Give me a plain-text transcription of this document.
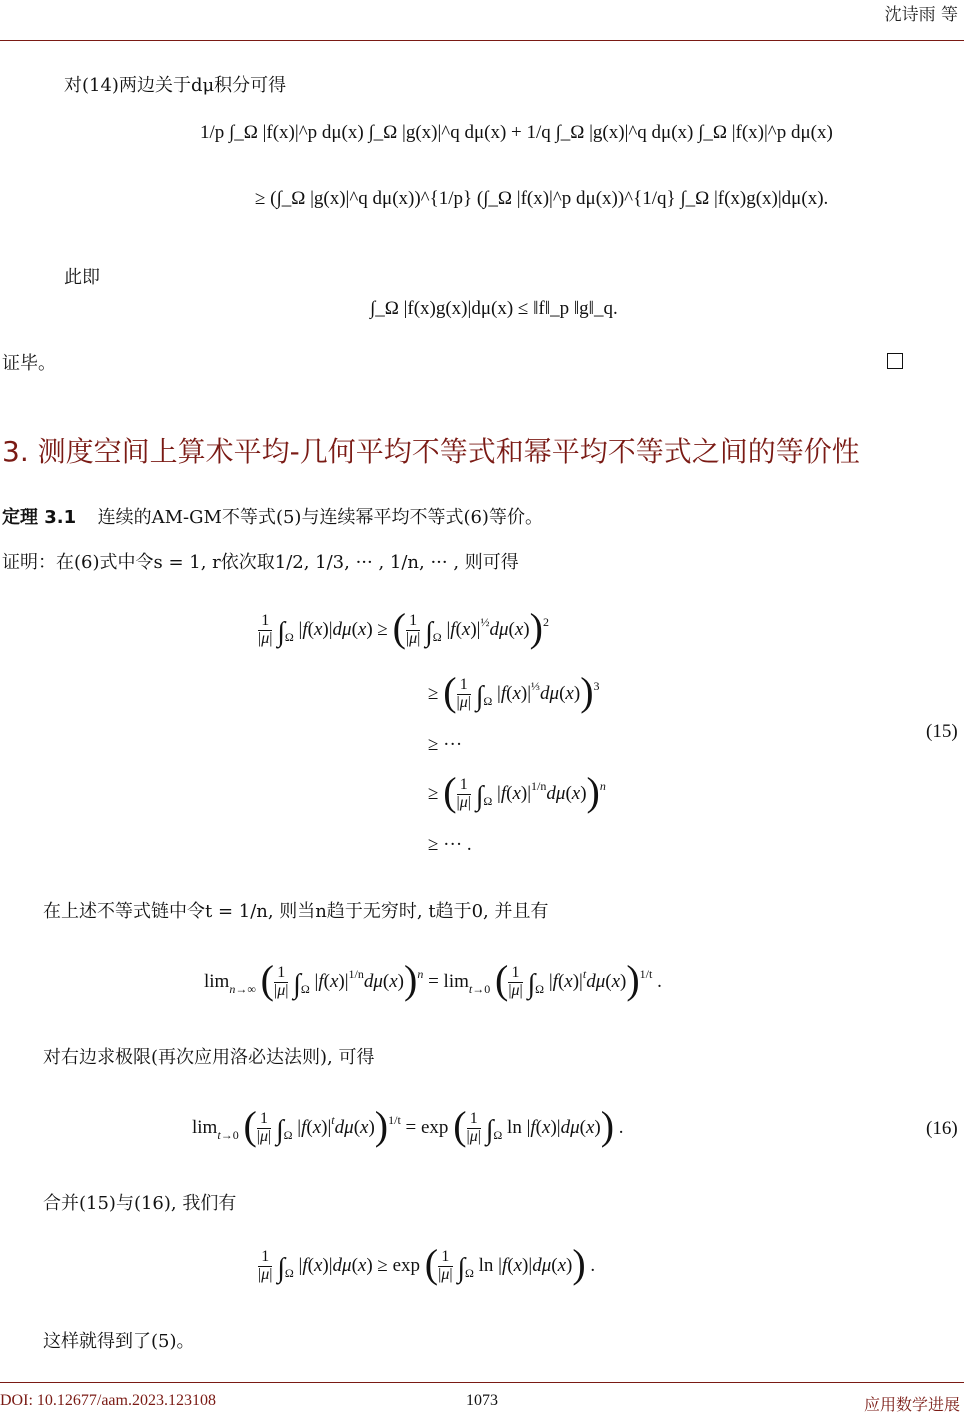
沈诗雨 等
对(14)两边关于dμ积分可得
1/p ∫_Ω |f(x)|^p dμ(x) ∫_Ω |g(x)|^q dμ(x) + 1/q ∫_Ω |g(x)|^q dμ(x) ∫_Ω |f(x)|^p dμ(x)
≥ (∫_Ω |g(x)|^q dμ(x))^{1/p} (∫_Ω |f(x)|^p dμ(x))^{1/q} ∫_Ω |f(x)g(x)|dμ(x).
此即
∫_Ω |f(x)g(x)|dμ(x) ≤ ‖f‖_p ‖g‖_q.
证毕。
3. 测度空间上算术平均-几何平均不等式和幂平均不等式之间的等价性
定理 3.1 连续的AM-GM不等式(5)与连续幂平均不等式(6)等价。
证明：在(6)式中令s = 1, r依次取1/2, 1/3, ··· , 1/n, ··· , 则可得
$\frac{1}{|\mu|} \int_\Omega$ |f(x)|dμ(x) ≥ ( $\frac{1}{|\mu|} \int_\Omega$ $|f(x)|^{\frac{1}{2}}d\mu(x))^2$
≥ ( $\frac{1}{|\mu|} \int_\Omega$ $|f(x)|^{\frac{1}{3}}d\mu(x))^3$
≥ ···
≥ ( $\frac{1}{|\mu|} \int_\Omega$ $|f(x)|^{1/n}d\mu(x))^n$
≥ ··· .
(15)
在上述不等式链中令t = 1/n, 则当n趋于无穷时, t趋于0, 并且有
$\lim_{n\to\infty}$ ( $\frac{1}{|\mu|} \int_\Omega$ $|f(x)|^{1/n}d\mu(x))^n = \lim_{t\to 0}$ ( $\frac{1}{|\mu|} \int_\Omega$ $|f(x)|^td\mu(x))^{1/t}$ .
对右边求极限(再次应用洛必达法则), 可得
$\lim_{t\to 0}$ ( $\frac{1}{|\mu|} \int_\Omega$ $|f(x)|^td\mu(x))^{1/t} = \exp$ ( $\frac{1}{|\mu|} \int_\Omega$ ln |f(x)|dμ(x)) .	(16)
合并(15)与(16), 我们有
$\frac{1}{|\mu|} \int_\Omega$ |f(x)|dμ(x) ≥ exp ( $\frac{1}{|\mu|} \int_\Omega$ ln |f(x)|dμ(x)) .
这样就得到了(5)。
DOI: 10.12677/aam.2023.123108	1073	应用数学进展
